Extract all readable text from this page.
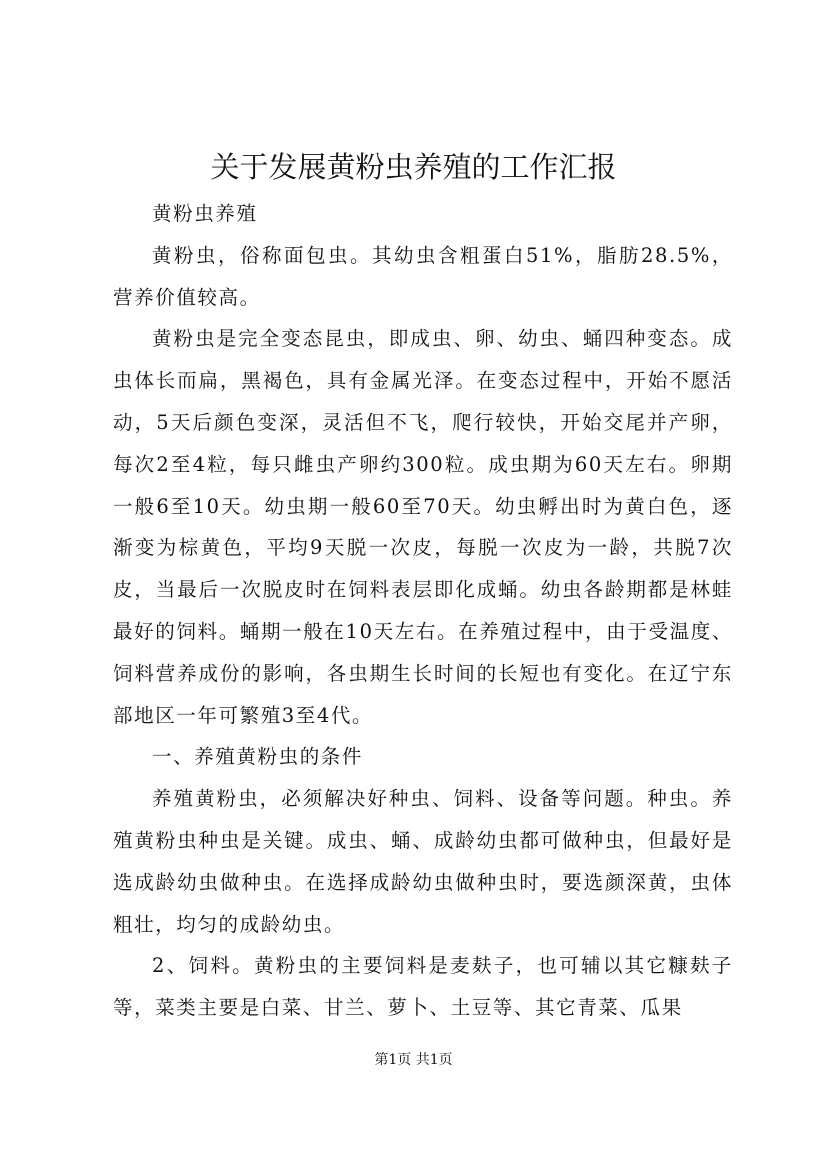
关于发展黄粉虫养殖的工作汇报

黄粉虫养殖

黄粉虫，俗称面包虫。其幼虫含粗蛋白51%，脂肪28.5%，营养价值较高。

黄粉虫是完全变态昆虫，即成虫、卵、幼虫、蛹四种变态。成虫体长而扁，黑褐色，具有金属光泽。在变态过程中，开始不愿活动，5天后颜色变深，灵活但不飞，爬行较快，开始交尾并产卵，每次2至4粒，每只雌虫产卵约300粒。成虫期为60天左右。卵期一般6至10天。幼虫期一般60至70天。幼虫孵出时为黄白色，逐渐变为棕黄色，平均9天脱一次皮，每脱一次皮为一龄，共脱7次皮，当最后一次脱皮时在饲料表层即化成蛹。幼虫各龄期都是林蛙最好的饲料。蛹期一般在10天左右。在养殖过程中，由于受温度、饲料营养成份的影响，各虫期生长时间的长短也有变化。在辽宁东部地区一年可繁殖3至4代。

一、养殖黄粉虫的条件

养殖黄粉虫，必须解决好种虫、饲料、设备等问题。种虫。养殖黄粉虫种虫是关键。成虫、蛹、成龄幼虫都可做种虫，但最好是选成龄幼虫做种虫。在选择成龄幼虫做种虫时，要选颜深黄，虫体粗壮，均匀的成龄幼虫。

2、饲料。黄粉虫的主要饲料是麦麸子，也可辅以其它糠麸子等，菜类主要是白菜、甘兰、萝卜、土豆等、其它青菜、瓜果

第1页 共1页
